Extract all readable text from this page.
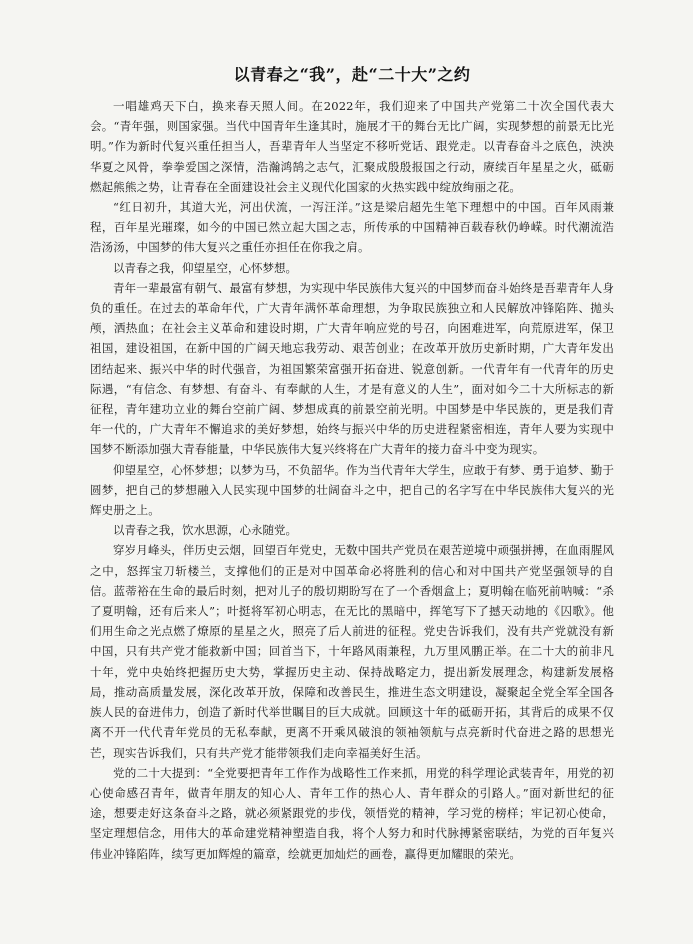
以青春之“我”，赴“二十大”之约

一唱雄鸡天下白，换来春天照人间。在2022年，我们迎来了中国共产党第二十次全国代表大会。“青年强，则国家强。当代中国青年生逢其时，施展才干的舞台无比广阔，实现梦想的前景无比光明。”作为新时代复兴重任担当人，吾辈青年人当坚定不移听党话、跟党走。以青春奋斗之底色，泱泱华夏之风骨，拳拳爱国之深情，浩瀚鸿鹄之志气，汇聚成殷殷报国之行动，赓续百年星星之火，砥砺燃起熊熊之势，让青春在全面建设社会主义现代化国家的火热实践中绽放绚丽之花。

“红日初升，其道大光，河出伏流，一泻汪洋。”这是梁启超先生笔下理想中的中国。百年风雨兼程，百年星光璀璨，如今的中国已然立起大国之志，所传承的中国精神百载春秋仍峥嵘。时代潮流浩浩汤汤，中国梦的伟大复兴之重任亦担任在你我之肩。

以青春之我，仰望星空，心怀梦想。

青年一辈最富有朝气、最富有梦想，为实现中华民族伟大复兴的中国梦而奋斗始终是吾辈青年人身负的重任。在过去的革命年代，广大青年满怀革命理想，为争取民族独立和人民解放冲锋陷阵、抛头颅，洒热血；在社会主义革命和建设时期，广大青年响应党的号召，向困难进军，向荒原进军，保卫祖国，建设祖国，在新中国的广阔天地忘我劳动、艰苦创业；在改革开放历史新时期，广大青年发出团结起来、振兴中华的时代强音，为祖国繁荣富强开拓奋进、锐意创新。一代青年有一代青年的历史际遇，“有信念、有梦想、有奋斗、有奉献的人生，才是有意义的人生”，面对如今二十大所标志的新征程，青年建功立业的舞台空前广阔、梦想成真的前景空前光明。中国梦是中华民族的，更是我们青年一代的，广大青年不懈追求的美好梦想，始终与振兴中华的历史进程紧密相连，青年人要为实现中国梦不断添加强大青春能量，中华民族伟大复兴终将在广大青年的接力奋斗中变为现实。

仰望星空，心怀梦想；以梦为马，不负韶华。作为当代青年大学生，应敢于有梦、勇于追梦、勤于圆梦，把自己的梦想融入人民实现中国梦的壮阔奋斗之中，把自己的名字写在中华民族伟大复兴的光辉史册之上。

以青春之我，饮水思源，心永随党。

穿岁月峰头，伴历史云烟，回望百年党史，无数中国共产党员在艰苦逆境中顽强拼搏，在血雨腥风之中，怒挥宝刀斩楼兰，支撑他们的正是对中国革命必将胜利的信心和对中国共产党坚强领导的自信。蓝蒂裕在生命的最后时刻，把对儿子的殷切期盼写在了一个香烟盒上；夏明翰在临死前呐喊：“杀了夏明翰，还有后来人”；叶挺将军初心明志，在无比的黑暗中，挥笔写下了撼天动地的《囚歌》。他们用生命之光点燃了燎原的星星之火，照亮了后人前进的征程。党史告诉我们，没有共产党就没有新中国，只有共产党才能救新中国；回首当下，十年路风雨兼程，九万里风鹏正举。在二十大的前非凡十年，党中央始终把握历史大势，掌握历史主动、保持战略定力，提出新发展理念，构建新发展格局，推动高质量发展，深化改革开放，保障和改善民生，推进生态文明建设，凝聚起全党全军全国各族人民的奋进伟力，创造了新时代举世瞩目的巨大成就。回顾这十年的砥砺开拓，其背后的成果不仅离不开一代代青年党员的无私奉献，更离不开乘风破浪的领袖领航与点亮新时代奋进之路的思想光芒，现实告诉我们，只有共产党才能带领我们走向幸福美好生活。

党的二十大提到：“全党要把青年工作作为战略性工作来抓，用党的科学理论武装青年，用党的初心使命感召青年，做青年朋友的知心人、青年工作的热心人、青年群众的引路人。”面对新世纪的征途，想要走好这条奋斗之路，就必须紧跟党的步伐，领悟党的精神，学习党的榜样；牢记初心使命，坚定理想信念，用伟大的革命建党精神塑造自我，将个人努力和时代脉搏紧密联结，为党的百年复兴伟业冲锋陷阵，续写更加辉煌的篇章，绘就更加灿烂的画卷，赢得更加耀眼的荣光。
